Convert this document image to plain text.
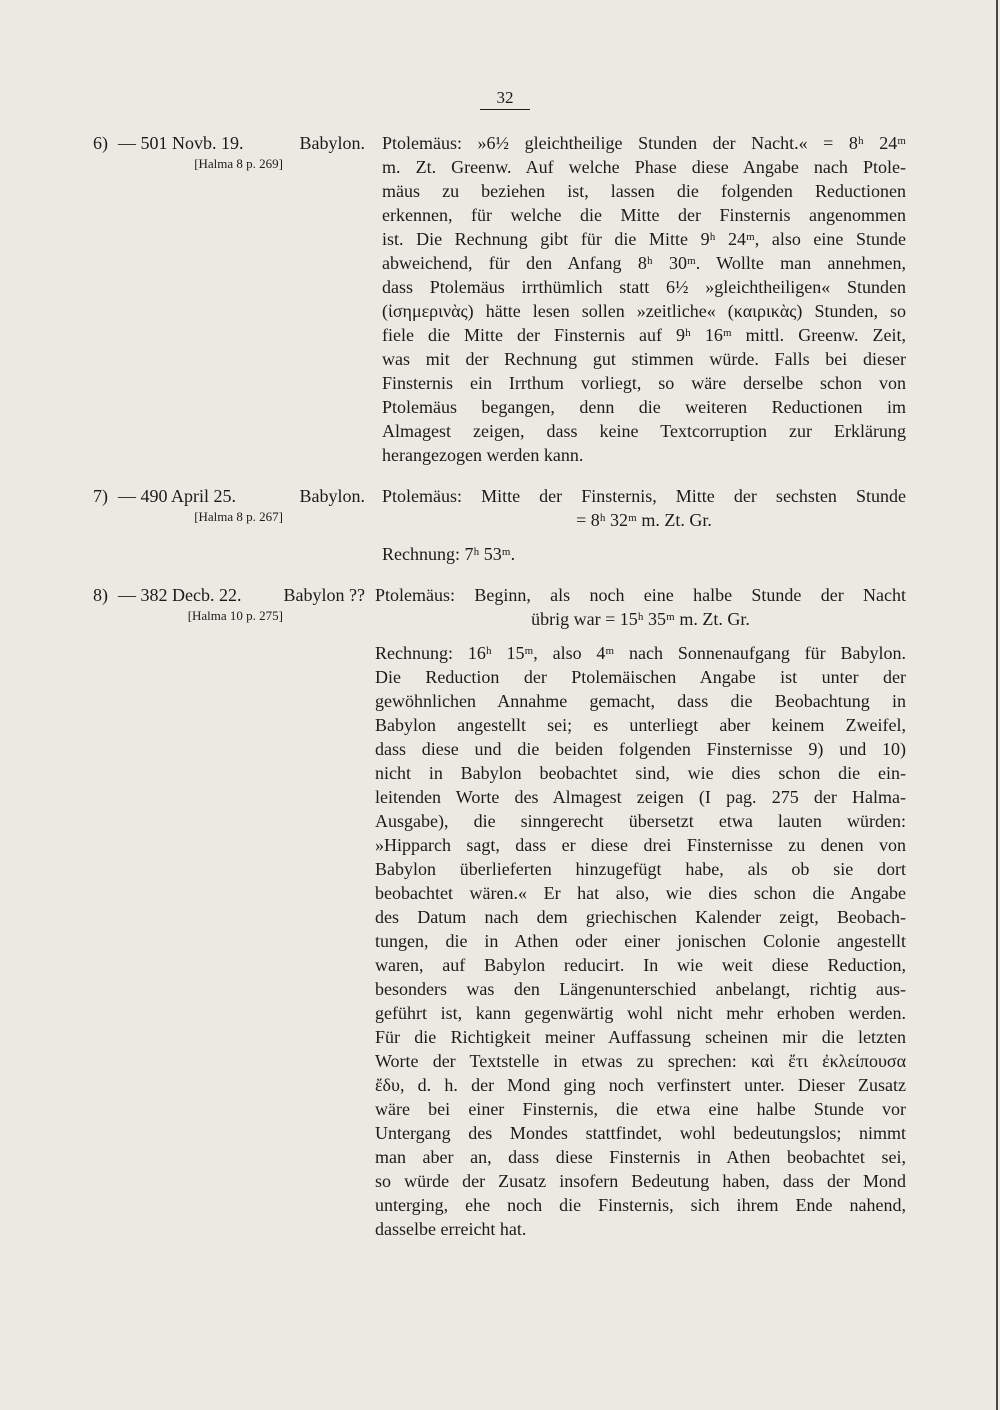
32
6) — 501 Novb. 19.	Babylon.
[Halma 8 p. 269]
Ptolemäus: »6½ gleichtheilige Stunden der Nacht.« = 8ʰ 24ᵐ
m. Zt. Greenw. Auf welche Phase diese Angabe nach Ptole-
mäus zu beziehen ist, lassen die folgenden Reductionen
erkennen, für welche die Mitte der Finsternis angenommen
ist. Die Rechnung gibt für die Mitte 9ʰ 24ᵐ, also eine Stunde
abweichend, für den Anfang 8ʰ 30ᵐ. Wollte man annehmen,
dass Ptolemäus irrthümlich statt 6½ »gleichtheiligen« Stunden
(ἰσημερινὰς) hätte lesen sollen »zeitliche« (καιρικὰς) Stunden, so
fiele die Mitte der Finsternis auf 9ʰ 16ᵐ mittl. Greenw. Zeit,
was mit der Rechnung gut stimmen würde. Falls bei dieser
Finsternis ein Irrthum vorliegt, so wäre derselbe schon von
Ptolemäus begangen, denn die weiteren Reductionen im
Almagest zeigen, dass keine Textcorruption zur Erklärung
herangezogen werden kann.
7) — 490 April 25.	Babylon.
[Halma 8 p. 267]
Ptolemäus: Mitte der Finsternis, Mitte der sechsten Stunde
= 8ʰ 32ᵐ m. Zt. Gr.
Rechnung: 7ʰ 53ᵐ.
8) — 382 Decb. 22.	Babylon ??
[Halma 10 p. 275]
Ptolemäus: Beginn, als noch eine halbe Stunde der Nacht
übrig war = 15ʰ 35ᵐ m. Zt. Gr.
Rechnung: 16ʰ 15ᵐ, also 4ᵐ nach Sonnenaufgang für Babylon.
Die Reduction der Ptolemäischen Angabe ist unter der
gewöhnlichen Annahme gemacht, dass die Beobachtung in
Babylon angestellt sei; es unterliegt aber keinem Zweifel,
dass diese und die beiden folgenden Finsternisse 9) und 10)
nicht in Babylon beobachtet sind, wie dies schon die ein-
leitenden Worte des Almagest zeigen (I pag. 275 der Halma-
Ausgabe), die sinngerecht übersetzt etwa lauten würden:
»Hipparch sagt, dass er diese drei Finsternisse zu denen von
Babylon überlieferten hinzugefügt habe, als ob sie dort
beobachtet wären.« Er hat also, wie dies schon die Angabe
des Datum nach dem griechischen Kalender zeigt, Beobach-
tungen, die in Athen oder einer jonischen Colonie angestellt
waren, auf Babylon reducirt. In wie weit diese Reduction,
besonders was den Längenunterschied anbelangt, richtig aus-
geführt ist, kann gegenwärtig wohl nicht mehr erhoben werden.
Für die Richtigkeit meiner Auffassung scheinen mir die letzten
Worte der Textstelle in etwas zu sprechen: καὶ ἔτι ἐκλείπουσα
ἔδυ, d. h. der Mond ging noch verfinstert unter. Dieser Zusatz
wäre bei einer Finsternis, die etwa eine halbe Stunde vor
Untergang des Mondes stattfindet, wohl bedeutungslos; nimmt
man aber an, dass diese Finsternis in Athen beobachtet sei,
so würde der Zusatz insofern Bedeutung haben, dass der Mond
unterging, ehe noch die Finsternis, sich ihrem Ende nahend,
dasselbe erreicht hat.
